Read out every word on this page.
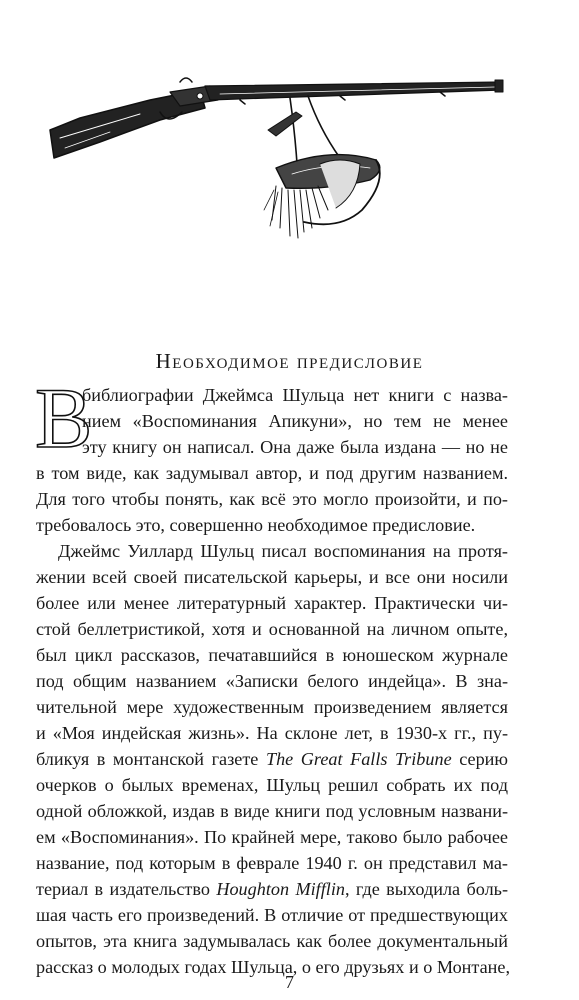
Необходимое предисловие
В
библиографии Джеймса Шульца нет книги с назва-
нием «Воспоминания Апикуни», но тем не менее
эту книгу он написал. Она даже была издана — но не
в том виде, как задумывал автор, и под другим названием.
Для того чтобы понять, как всё это могло произойти, и по-
требовалось это, совершенно необходимое предисловие.
Джеймс Уиллард Шульц писал воспоминания на протя-
жении всей своей писательской карьеры, и все они носили
более или менее литературный характер. Практически чи-
стой беллетристикой, хотя и основанной на личном опыте,
был цикл рассказов, печатавшийся в юношеском журнале
под общим названием «Записки белого индейца». В зна-
чительной мере художественным произведением является
и «Моя индейская жизнь». На склоне лет, в 1930-х гг., пу-
бликуя в монтанской газете The Great Falls Tribune серию
очерков о былых временах, Шульц решил собрать их под
одной обложкой, издав в виде книги под условным названи-
ем «Воспоминания». По крайней мере, таково было рабочее
название, под которым в феврале 1940 г. он представил ма-
териал в издательство Houghton Mifflin, где выходила боль-
шая часть его произведений. В отличие от предшествующих
опытов, эта книга задумывалась как более документальный
рассказ о молодых годах Шульца, о его друзьях и о Монтане,
7
